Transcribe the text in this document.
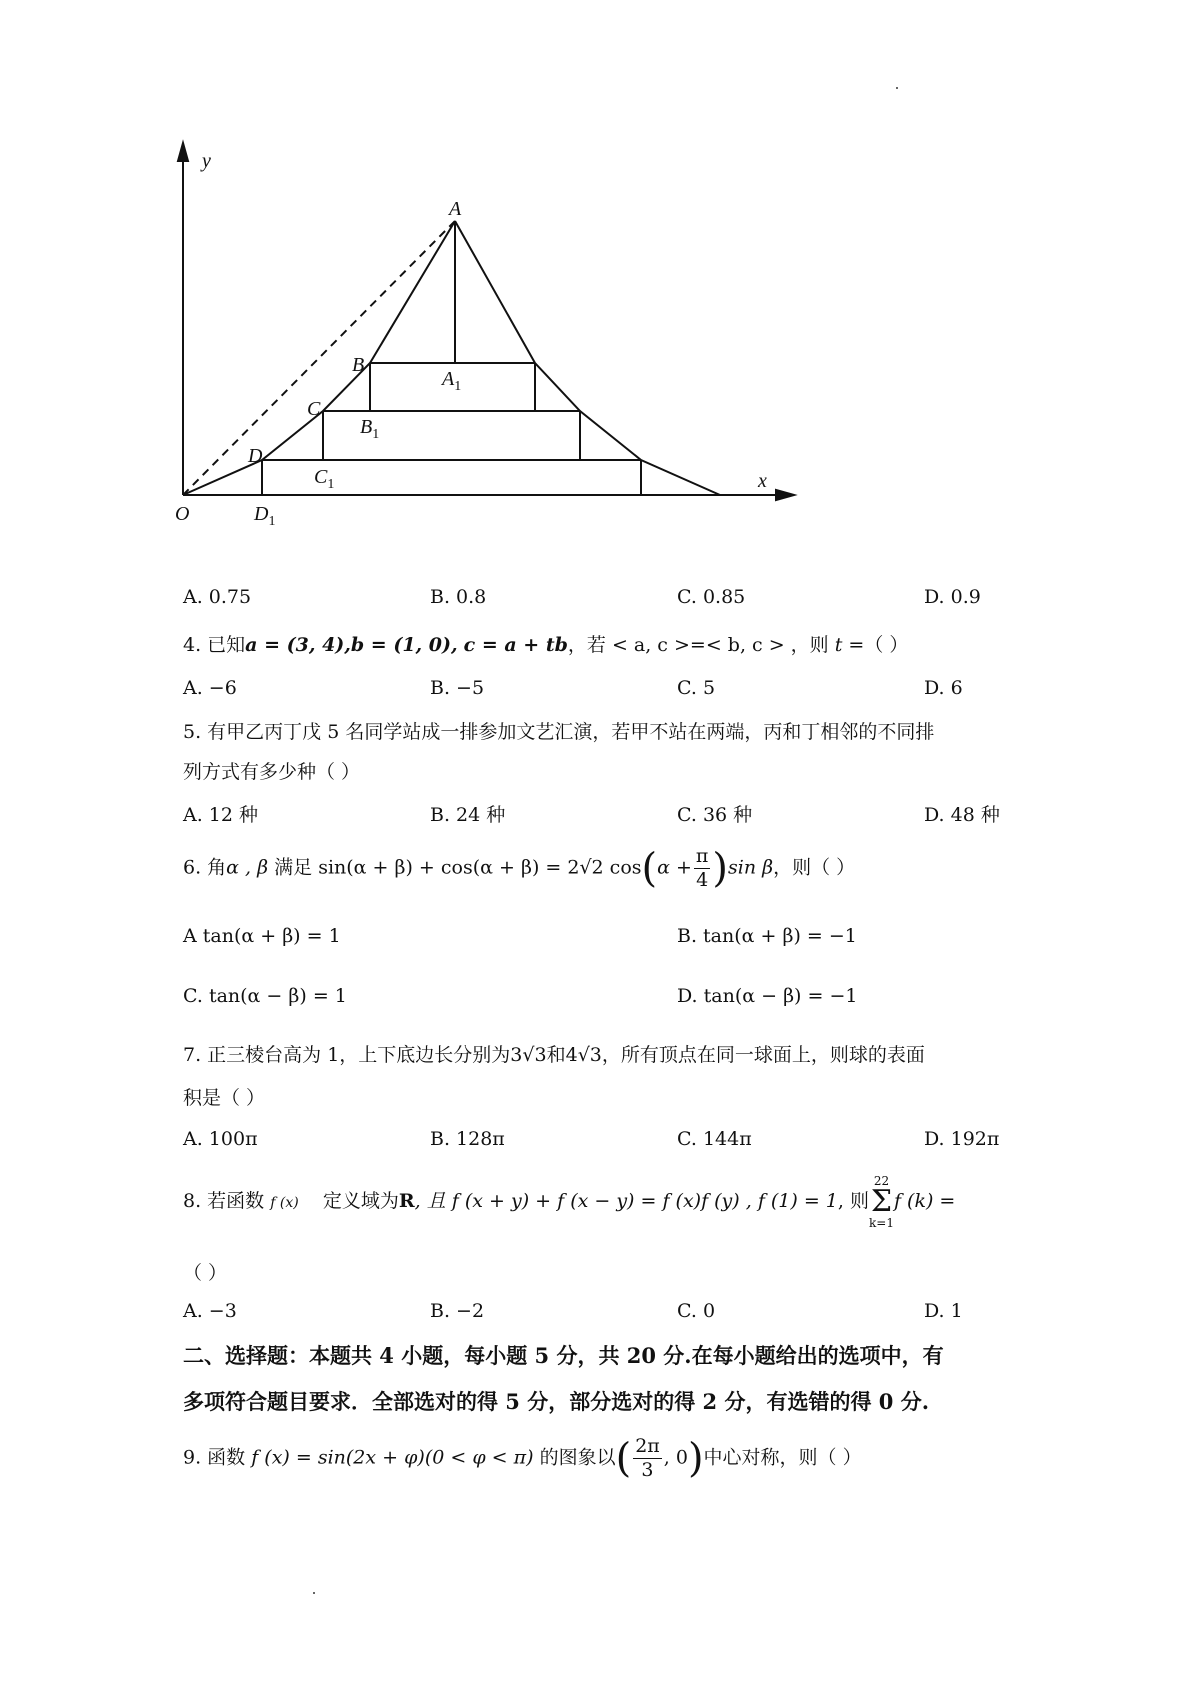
y
x
O
A
B
C
D
$A_1$
$B_1$
$C_1$
$D_1$
A. 0.75	B. 0.8	C. 0.85	D. 0.9
4. 已知a = (3, 4),b = (1, 0), c = a + tb，若 < a, c >=< b, c > ，则 t =（ ）
A. −6	B. −5	C. 5	D. 6
5. 有甲乙丙丁戊 5 名同学站成一排参加文艺汇演，若甲不站在两端，丙和丁相邻的不同排
列方式有多少种（ ）
A. 12 种	B. 24 种	C. 36 种	D. 48 种
6. 角α , β 满足 sin(α + β) + cos(α + β) = 2√2 $\cos(\alpha + \frac{\pi}{4} )\sin$ β，则（ ）
A tan(α + β) = 1	B. tan(α + β) = −1
C. tan(α − β) = 1	D. tan(α − β) = −1
7. 正三棱台高为 1，上下底边长分别为3√3和4√3，所有顶点在同一球面上，则球的表面
积是（ ）
A. 100π	B. 128π	C. 144π	D. 192π
8. 若函数 f (x) 定义域为R, 且 f (x + y) + f (x − y) = f (x)f (y) , f (1) = 1, 则22
Σ
k=1f (k) =
（ ）
A. −3	B. −2	C. 0	D. 1
二、选择题：本题共 4 小题，每小题 5 分，共 20 分.在每小题给出的选项中，有
多项符合题目要求．全部选对的得 5 分，部分选对的得 2 分，有选错的得 0 分.
9. 函数 f (x) = sin(2x + φ)(0 < φ < π) 的图象以( $\frac{2\pi}{3}$ , 0)中心对称，则（ ）
